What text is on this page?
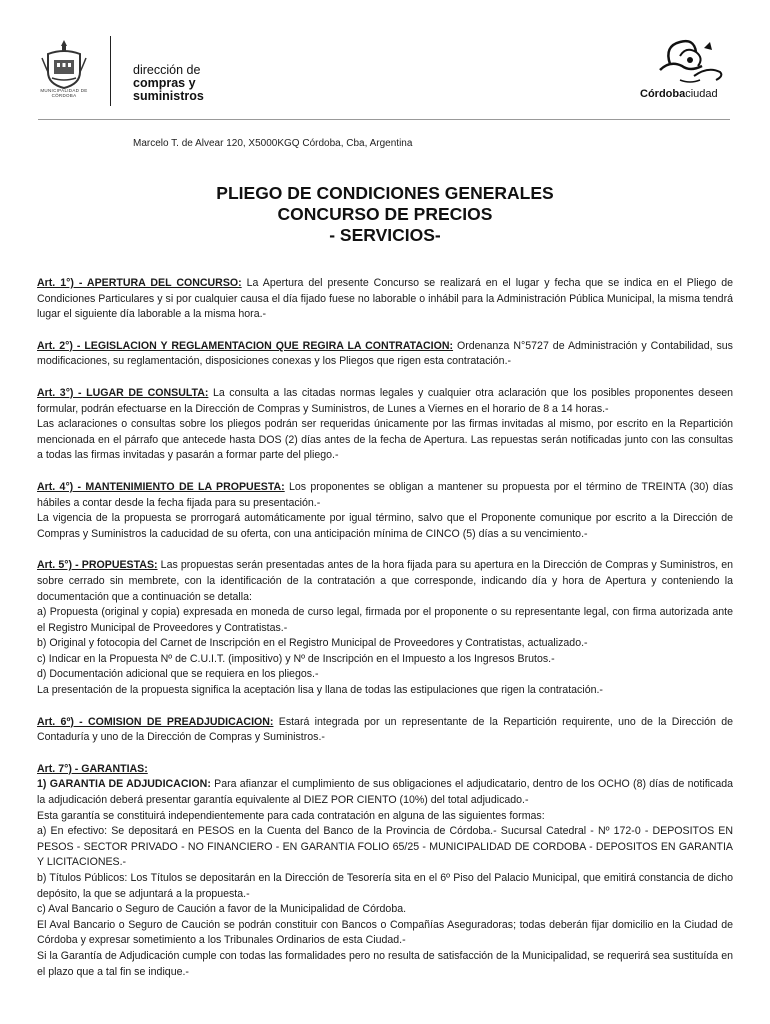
MUNICIPALIDAD DE CÓRDOBA
dirección de
compras y
suministros	Córdobaciudad
Marcelo T. de Alvear 120, X5000KGQ Córdoba, Cba, Argentina
PLIEGO DE CONDICIONES GENERALES
CONCURSO DE PRECIOS
- SERVICIOS-

Art. 1°) - APERTURA DEL CONCURSO: La Apertura del presente Concurso se realizará en el lugar y fecha que se indica en el Pliego de Condiciones Particulares y si por cualquier causa el día fijado fuese no laborable o inhábil para la Administración Pública Municipal, la misma tendrá lugar el siguiente día laborable a la misma hora.-

Art. 2°) - LEGISLACION Y REGLAMENTACION QUE REGIRA LA CONTRATACION: Ordenanza N°5727 de Administración y Contabilidad, sus modificaciones, su reglamentación, disposiciones conexas y los Pliegos que rigen esta contratación.-

Art. 3°) - LUGAR DE CONSULTA: La consulta a las citadas normas legales y cualquier otra aclaración que los posibles proponentes deseen formular, podrán efectuarse en la Dirección de Compras y Suministros, de Lunes a Viernes en el horario de 8 a 14 horas.-

Las aclaraciones o consultas sobre los pliegos podrán ser requeridas únicamente por las firmas invitadas al mismo, por escrito en la Repartición mencionada en el párrafo que antecede hasta DOS (2) días antes de la fecha de Apertura. Las repuestas serán notificadas junto con las consultas a todas las firmas invitadas y pasarán a formar parte del pliego.-

Art. 4°) - MANTENIMIENTO DE LA PROPUESTA: Los proponentes se obligan a mantener su propuesta por el término de TREINTA (30) días hábiles a contar desde la fecha fijada para su presentación.-

La vigencia de la propuesta se prorrogará automáticamente por igual término, salvo que el Proponente comunique por escrito a la Dirección de Compras y Suministros la caducidad de su oferta, con una anticipación mínima de CINCO (5) días a su vencimiento.-

Art. 5°) - PROPUESTAS: Las propuestas serán presentadas antes de la hora fijada para su apertura en la Dirección de Compras y Suministros, en sobre cerrado sin membrete, con la identificación de la contratación a que corresponde, indicando día y hora de Apertura y conteniendo la documentación que a continuación se detalla:

a) Propuesta (original y copia) expresada en moneda de curso legal, firmada por el proponente o su representante legal, con firma autorizada ante el Registro Municipal de Proveedores y Contratistas.-

b) Original y fotocopia del Carnet de Inscripción en el Registro Municipal de Proveedores y Contratistas, actualizado.-

c) Indicar en la Propuesta Nº de C.U.I.T. (impositivo) y Nº de Inscripción en el Impuesto a los Ingresos Brutos.-

d) Documentación adicional que se requiera en los pliegos.-

La presentación de la propuesta significa la aceptación lisa y llana de todas las estipulaciones que rigen la contratación.-

Art. 6º) - COMISION DE PREADJUDICACION: Estará integrada por un representante de la Repartición requirente, uno de la Dirección de Contaduría y uno de la Dirección de Compras y Suministros.-

Art. 7°) - GARANTIAS:

1) GARANTIA DE ADJUDICACION: Para afianzar el cumplimiento de sus obligaciones el adjudicatario, dentro de los OCHO (8) días de notificada la adjudicación deberá presentar garantía equivalente al DIEZ POR CIENTO (10%) del total adjudicado.-

Esta garantía se constituirá independientemente para cada contratación en alguna de las siguientes formas:

a) En efectivo: Se depositará en PESOS en la Cuenta del Banco de la Provincia de Córdoba.- Sucursal Catedral - Nº 172-0 - DEPOSITOS EN PESOS - SECTOR PRIVADO - NO FINANCIERO - EN GARANTIA FOLIO 65/25 - MUNICIPALIDAD DE CORDOBA - DEPOSITOS EN GARANTIA Y LICITACIONES.-

b) Títulos Públicos: Los Títulos se depositarán en la Dirección de Tesorería sita en el 6º Piso del Palacio Municipal, que emitirá constancia de dicho depósito, la que se adjuntará a la propuesta.-

c) Aval Bancario o Seguro de Caución a favor de la Municipalidad de Córdoba.

El Aval Bancario o Seguro de Caución se podrán constituir con Bancos o Compañías Aseguradoras; todas deberán fijar domicilio en la Ciudad de Córdoba y expresar sometimiento a los Tribunales Ordinarios de esta Ciudad.-

Si la Garantía de Adjudicación cumple con todas las formalidades pero no resulta de satisfacción de la Municipalidad, se requerirá sea sustituída en el plazo que a tal fin se indique.-
